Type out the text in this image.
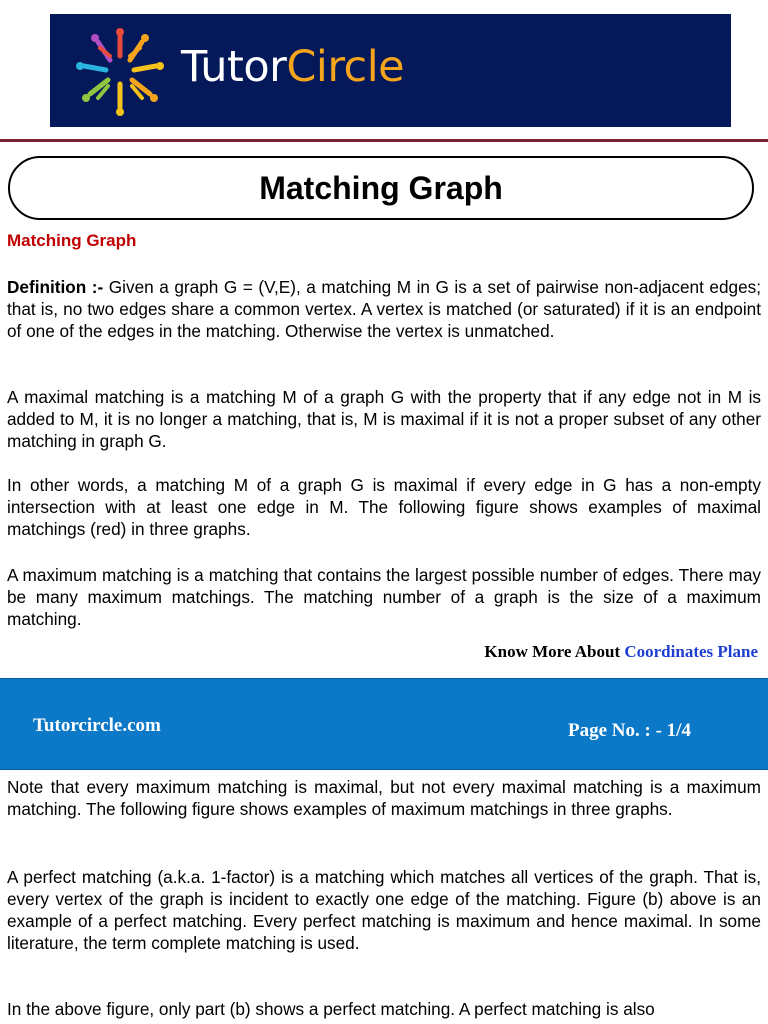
TutorCircle
Matching Graph
Matching Graph

Definition :- Given a graph G = (V,E), a matching M in G is a set of pairwise non-adjacent edges; that is, no two edges share a common vertex. A vertex is matched (or saturated) if it is an endpoint of one of the edges in the matching. Otherwise the vertex is unmatched.

A maximal matching is a matching M of a graph G with the property that if any edge not in M is added to M, it is no longer a matching, that is, M is maximal if it is not a proper subset of any other matching in graph G.

In other words, a matching M of a graph G is maximal if every edge in G has a non-empty intersection with at least one edge in M. The following figure shows examples of maximal matchings (red) in three graphs.

A maximum matching is a matching that contains the largest possible number of edges. There may be many maximum matchings. The matching number of a graph is the size of a maximum matching.

Know More About Coordinates Plane
Tutorcircle.com	Page No. : - 1/4

Note that every maximum matching is maximal, but not every maximal matching is a maximum matching. The following figure shows examples of maximum matchings in three graphs.

A perfect matching (a.k.a. 1-factor) is a matching which matches all vertices of the graph. That is, every vertex of the graph is incident to exactly one edge of the matching. Figure (b) above is an example of a perfect matching. Every perfect matching is maximum and hence maximal. In some literature, the term complete matching is used.

In the above figure, only part (b) shows a perfect matching. A perfect matching is also
